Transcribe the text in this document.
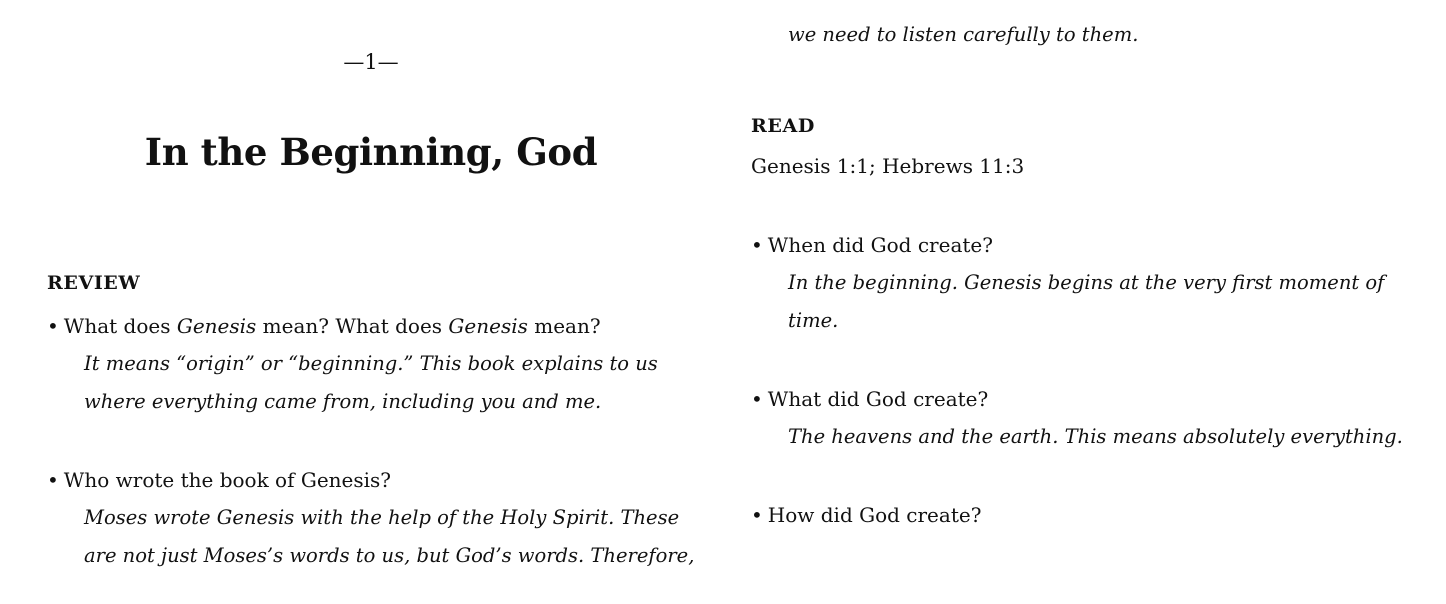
—1—
In the Beginning, God
REVIEW
• What does Genesis mean? What does Genesis mean?
It means “origin” or “beginning.” This book explains to us
where everything came from, including you and me.
• Who wrote the book of Genesis?
Moses wrote Genesis with the help of the Holy Spirit. These
are not just Moses’s words to us, but God’s words. Therefore,
we need to listen carefully to them.
READ
Genesis 1:1; Hebrews 11:3
• When did God create?
In the beginning. Genesis begins at the very first moment of
time.
• What did God create?
The heavens and the earth. This means absolutely everything.
• How did God create?
